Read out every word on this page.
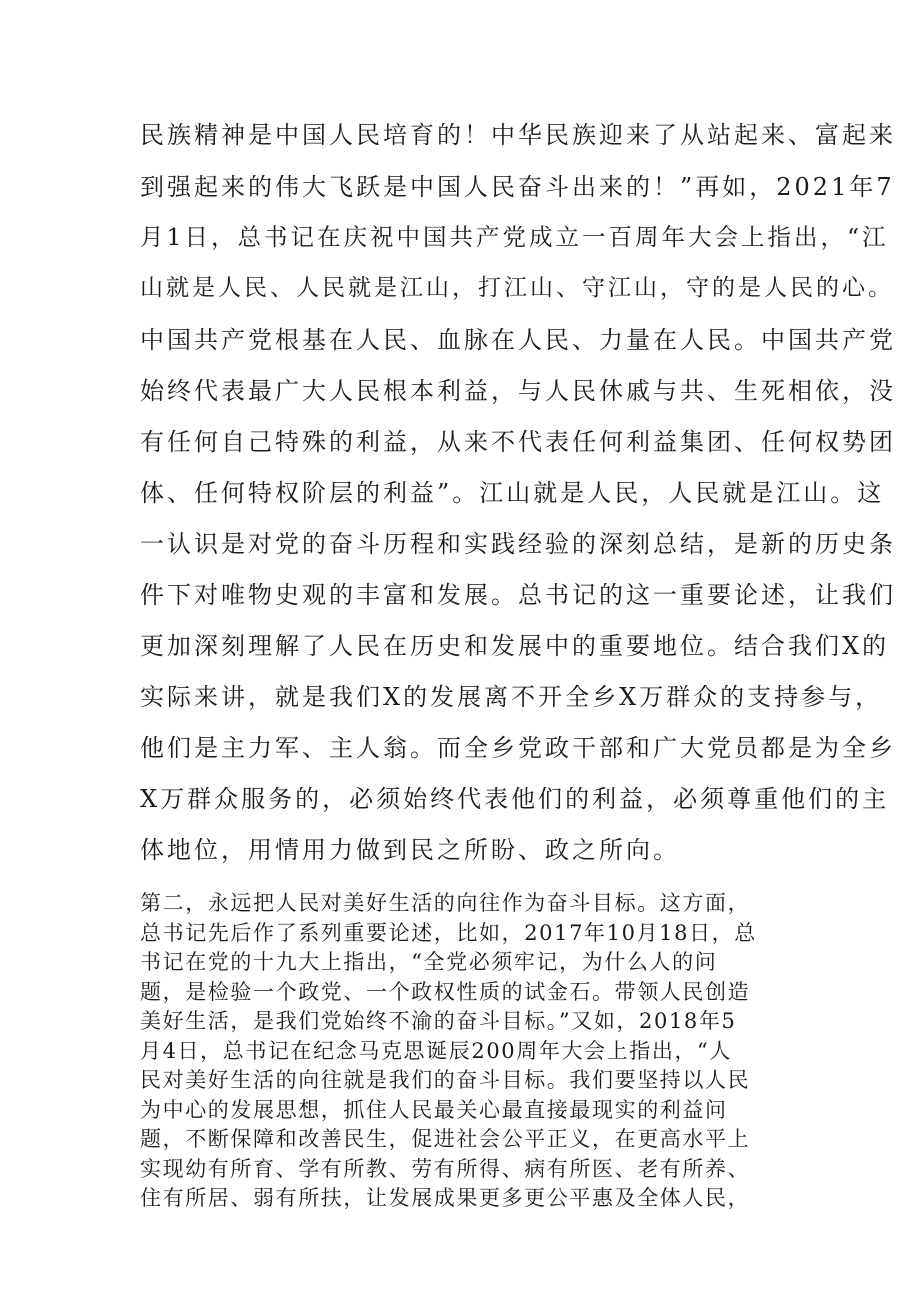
民族精神是中国人民培育的！中华民族迎来了从站起来、富起来

到强起来的伟大飞跃是中国人民奋斗出来的！”再如，2021年7

月1日，总书记在庆祝中国共产党成立一百周年大会上指出，“江

山就是人民、人民就是江山，打江山、守江山，守的是人民的心。

中国共产党根基在人民、血脉在人民、力量在人民。中国共产党

始终代表最广大人民根本利益，与人民休戚与共、生死相依，没

有任何自己特殊的利益，从来不代表任何利益集团、任何权势团

体、任何特权阶层的利益”。江山就是人民，人民就是江山。这

一认识是对党的奋斗历程和实践经验的深刻总结，是新的历史条

件下对唯物史观的丰富和发展。总书记的这一重要论述，让我们

更加深刻理解了人民在历史和发展中的重要地位。结合我们X的

实际来讲，就是我们X的发展离不开全乡X万群众的支持参与，

他们是主力军、主人翁。而全乡党政干部和广大党员都是为全乡

X万群众服务的，必须始终代表他们的利益，必须尊重他们的主

体地位，用情用力做到民之所盼、政之所向。

第二，永远把人民对美好生活的向往作为奋斗目标。这方面，

总书记先后作了系列重要论述，比如，2017年10月18日，总

书记在党的十九大上指出，“全党必须牢记，为什么人的问

题，是检验一个政党、一个政权性质的试金石。带领人民创造

美好生活，是我们党始终不渝的奋斗目标。”又如，2018年5

月4日，总书记在纪念马克思诞辰200周年大会上指出，“人

民对美好生活的向往就是我们的奋斗目标。我们要坚持以人民

为中心的发展思想，抓住人民最关心最直接最现实的利益问

题，不断保障和改善民生，促进社会公平正义，在更高水平上

实现幼有所育、学有所教、劳有所得、病有所医、老有所养、

住有所居、弱有所扶，让发展成果更多更公平惠及全体人民，
